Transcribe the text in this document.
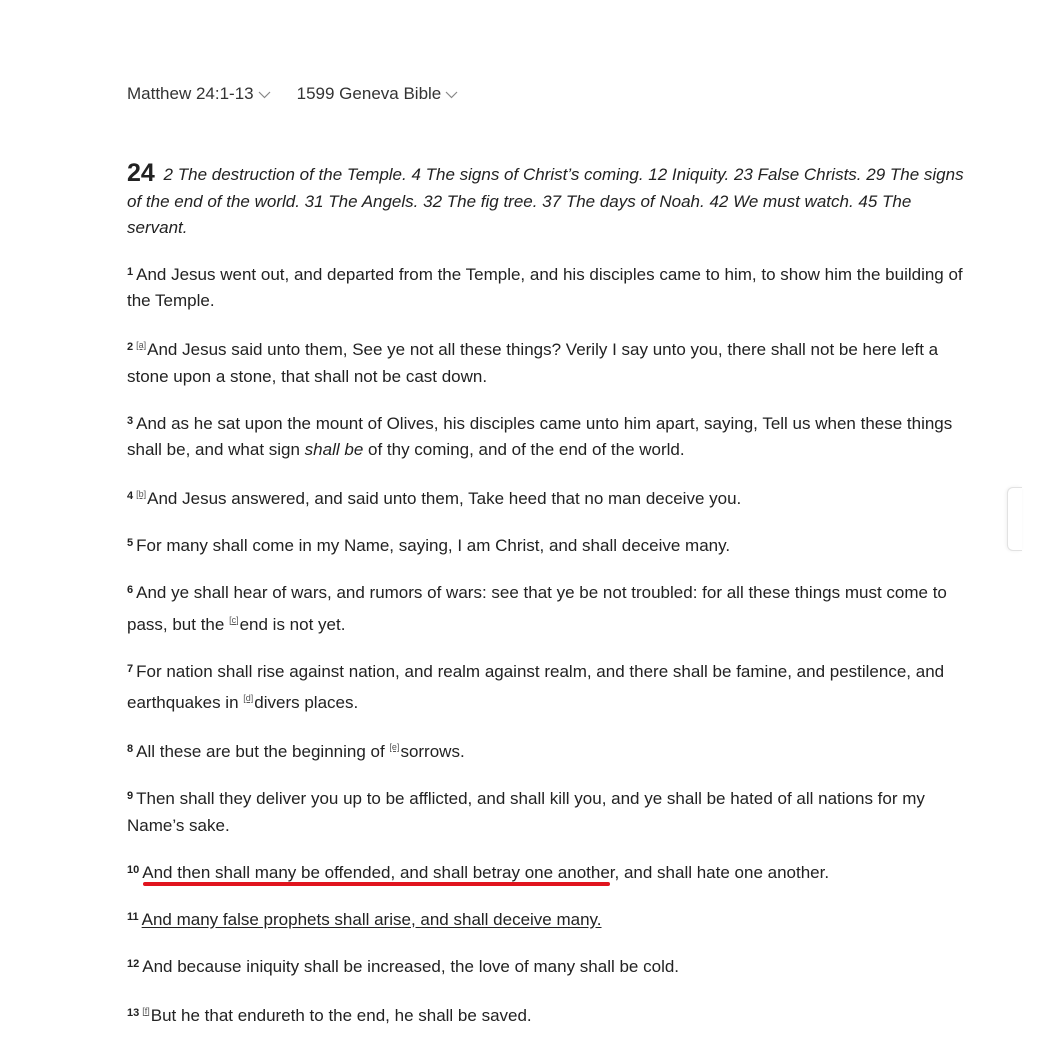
Matthew 24:1-13	1599 Geneva Bible

24 2 The destruction of the Temple. 4 The signs of Christ’s coming. 12 Iniquity. 23 False Christs. 29 The signs of the end of the world. 31 The Angels. 32 The fig tree. 37 The days of Noah. 42 We must watch. 45 The servant.

$^1$ And Jesus went out, and departed from the Temple, and his disciples came to him, to show him the building of the Temple.

$^2$ [a]And Jesus said unto them, See ye not all these things? Verily I say unto you, there shall not be here left a stone upon a stone, that shall not be cast down.

$^3$ And as he sat upon the mount of Olives, his disciples came unto him apart, saying, Tell us when these things shall be, and what sign shall be of thy coming, and of the end of the world.

$^4$ [b]And Jesus answered, and said unto them, Take heed that no man deceive you.

$^5$ For many shall come in my Name, saying, I am Christ, and shall deceive many.

$^6$ And ye shall hear of wars, and rumors of wars: see that ye be not troubled: for all these things must come to pass, but the [c]end is not yet.

$^7$ For nation shall rise against nation, and realm against realm, and there shall be famine, and pestilence, and earthquakes in [d]divers places.

$^8$ All these are but the beginning of [e]sorrows.

$^9$ Then shall they deliver you up to be afflicted, and shall kill you, and ye shall be hated of all nations for my Name’s sake.

$^{10}$ And then shall many be offended, and shall betray one another, and shall hate one another.

$^{11}$ And many false prophets shall arise, and shall deceive many.

$^{12}$ And because iniquity shall be increased, the love of many shall be cold.

$^{13}$ [f]But he that endureth to the end, he shall be saved.
